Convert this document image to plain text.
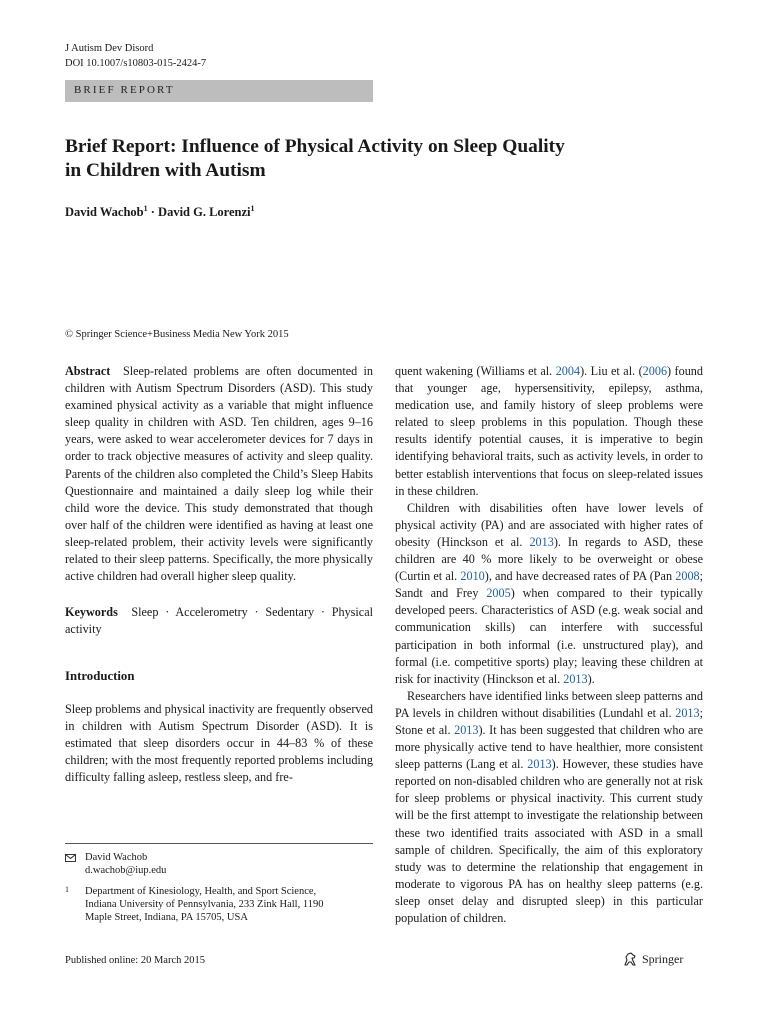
J Autism Dev Disord
DOI 10.1007/s10803-015-2424-7
BRIEF REPORT
Brief Report: Influence of Physical Activity on Sleep Quality
in Children with Autism
David Wachob$^1$ · David G. Lorenzi$^1$
© Springer Science+Business Media New York 2015

Abstract Sleep-related problems are often documented in children with Autism Spectrum Disorders (ASD). This study examined physical activity as a variable that might influence sleep quality in children with ASD. Ten children, ages 9–16 years, were asked to wear accelerometer devices for 7 days in order to track objective measures of activity and sleep quality. Parents of the children also completed the Child’s Sleep Habits Questionnaire and maintained a daily sleep log while their child wore the device. This study demonstrated that though over half of the children were identified as having at least one sleep-related problem, their activity levels were significantly related to their sleep patterns. Specifically, the more physically active children had overall higher sleep quality.

Keywords Sleep · Accelerometry · Sedentary · Physical activity

Introduction

Sleep problems and physical inactivity are frequently observed in children with Autism Spectrum Disorder (ASD). It is estimated that sleep disorders occur in 44–83 % of these children; with the most frequently reported problems including difficulty falling asleep, restless sleep, and fre-

David Wachob
d.wachob@iup.edu
1 Department of Kinesiology, Health, and Sport Science,
Indiana University of Pennsylvania, 233 Zink Hall, 1190
Maple Street, Indiana, PA 15705, USA

quent wakening (Williams et al. 2004). Liu et al. (2006) found that younger age, hypersensitivity, epilepsy, asthma, medication use, and family history of sleep problems were related to sleep problems in this population. Though these results identify potential causes, it is imperative to begin identifying behavioral traits, such as activity levels, in order to better establish interventions that focus on sleep-related issues in these children.

Children with disabilities often have lower levels of physical activity (PA) and are associated with higher rates of obesity (Hinckson et al. 2013). In regards to ASD, these children are 40 % more likely to be overweight or obese (Curtin et al. 2010), and have decreased rates of PA (Pan 2008; Sandt and Frey 2005) when compared to their typically developed peers. Characteristics of ASD (e.g. weak social and communication skills) can interfere with successful participation in both informal (i.e. unstructured play), and formal (i.e. competitive sports) play; leaving these children at risk for inactivity (Hinckson et al. 2013).

Researchers have identified links between sleep patterns and PA levels in children without disabilities (Lundahl et al. 2013; Stone et al. 2013). It has been suggested that children who are more physically active tend to have healthier, more consistent sleep patterns (Lang et al. 2013). However, these studies have reported on non-disabled children who are generally not at risk for sleep problems or physical inactivity. This current study will be the first attempt to investigate the relationship between these two identified traits associated with ASD in a small sample of children. Specifically, the aim of this exploratory study was to determine the relationship that engagement in moderate to vigorous PA has on healthy sleep patterns (e.g. sleep onset delay and disrupted sleep) in this particular population of children.

Published online: 20 March 2015	Springer
